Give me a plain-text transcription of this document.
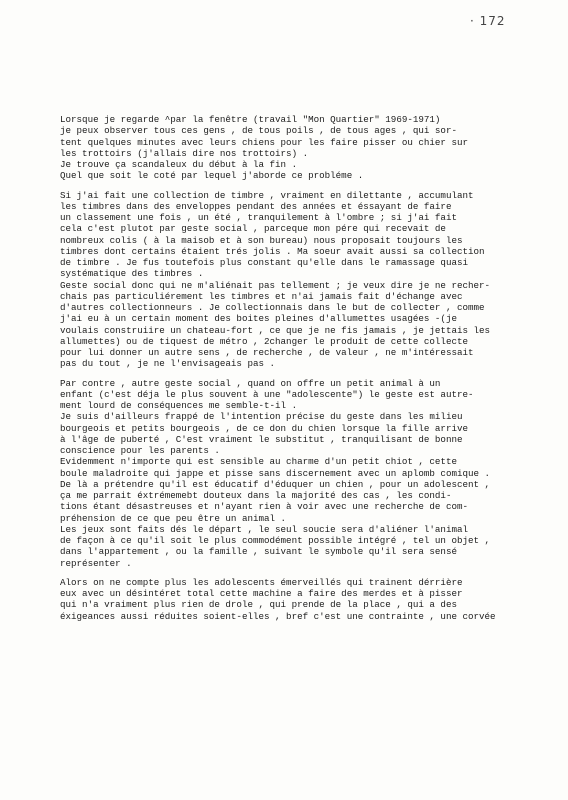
· 172

Lorsque je regarde ^par la fenêtre (travail "Mon Quartier" 1969-1971)
je peux observer tous ces gens , de tous poils , de tous ages , qui sor-
tent quelques minutes avec leurs chiens pour les faire pisser ou chier sur
les trottoirs (j'allais dire nos trottoirs) .
Je trouve ça scandaleux du début à la fin .
Quel que soit le coté par lequel j'aborde ce probléme .

Si j'ai fait une collection de timbre , vraiment en dilettante , accumulant
les timbres dans des enveloppes pendant des années et éssayant de faire
un classement une fois , un été , tranquilement à l'ombre ; si j'ai fait
cela c'est plutot par geste social , parceque mon pére qui recevait de
nombreux colis ( à la maisob et à son bureau) nous proposait toujours les
timbres dont certains étaient trés jolis . Ma soeur avait aussi sa collection
de timbre . Je fus toutefois plus constant qu'elle dans le ramassage quasi
systématique des timbres .
Geste social donc qui ne m'aliénait pas tellement ; je veux dire je ne recher-
chais pas particuliérement les timbres et n'ai jamais fait d'échange avec
d'autres collectionneurs . Je collectionnais dans le but de collecter , comme
j'ai eu à un certain moment des boites pleines d'allumettes usagées -(je
voulais construiire un chateau-fort , ce que je ne fis jamais , je jettais les
allumettes) ou de tiquest de métro , 2changer le produit de cette collecte
pour lui donner un autre sens , de recherche , de valeur , ne m'intéressait
pas du tout , je ne l'envisageais pas .

Par contre , autre geste social , quand on offre un petit animal à un
enfant (c'est déja le plus souvent à une "adolescente") le geste est autre-
ment lourd de conséquences me semble-t-il .
Je suis d'ailleurs frappé de l'intention précise du geste dans les milieu
bourgeois et petits bourgeois , de ce don du chien lorsque la fille arrive
à l'âge de puberté , C'est vraiment le substitut , tranquilisant de bonne
conscience pour les parents .
Evidemment n'importe qui est sensible au charme d'un petit chiot , cette
boule maladroite qui jappe et pisse sans discernement avec un aplomb comique .
De là a prétendre qu'il est éducatif d'éduquer un chien , pour un adolescent ,
ça me parrait éxtrémemebt douteux dans la majorité des cas , les condi-
tions étant désastreuses et n'ayant rien à voir avec une recherche de com-
préhension de ce que peu être un animal .
Les jeux sont faits dés le départ , le seul soucie sera d'aliéner l'animal
de façon à ce qu'il soit le plus commodément possible intégré , tel un objet ,
dans l'appartement , ou la famille , suivant le symbole qu'il sera sensé
représenter .

Alors on ne compte plus les adolescents émerveillés qui trainent dérrière
eux avec un désintéret total cette machine a faire des merdes et à pisser
qui n'a vraiment plus rien de drole , qui prende de la place , qui a des
éxigeances aussi réduites soient-elles , bref c'est une contrainte , une corvée
